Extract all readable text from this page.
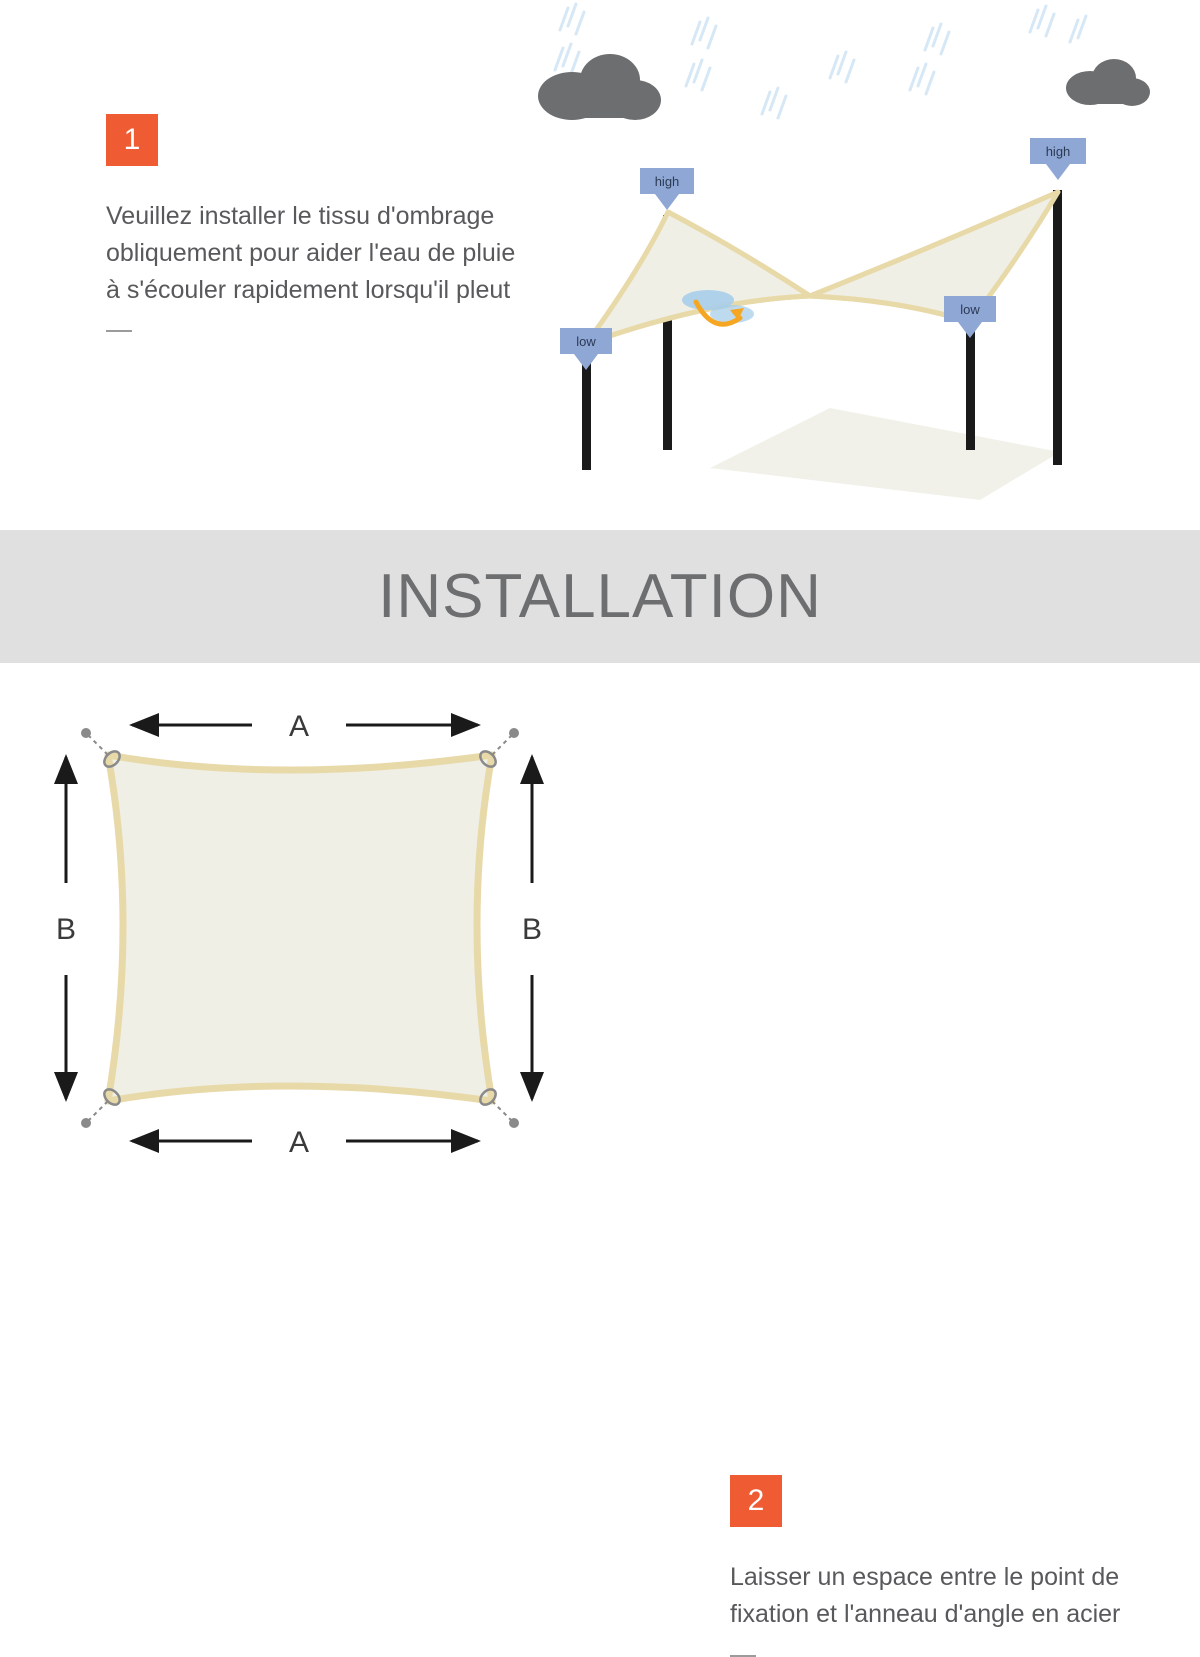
1
Veuillez installer le tissu d'ombrage obliquement pour aider l'eau de pluie à s'écouler rapidement lorsqu'il pleut
high
high
low
low
INSTALLATION
A
A
B	B
2
Laisser un espace entre le point de fixation et l'anneau d'angle en acier
